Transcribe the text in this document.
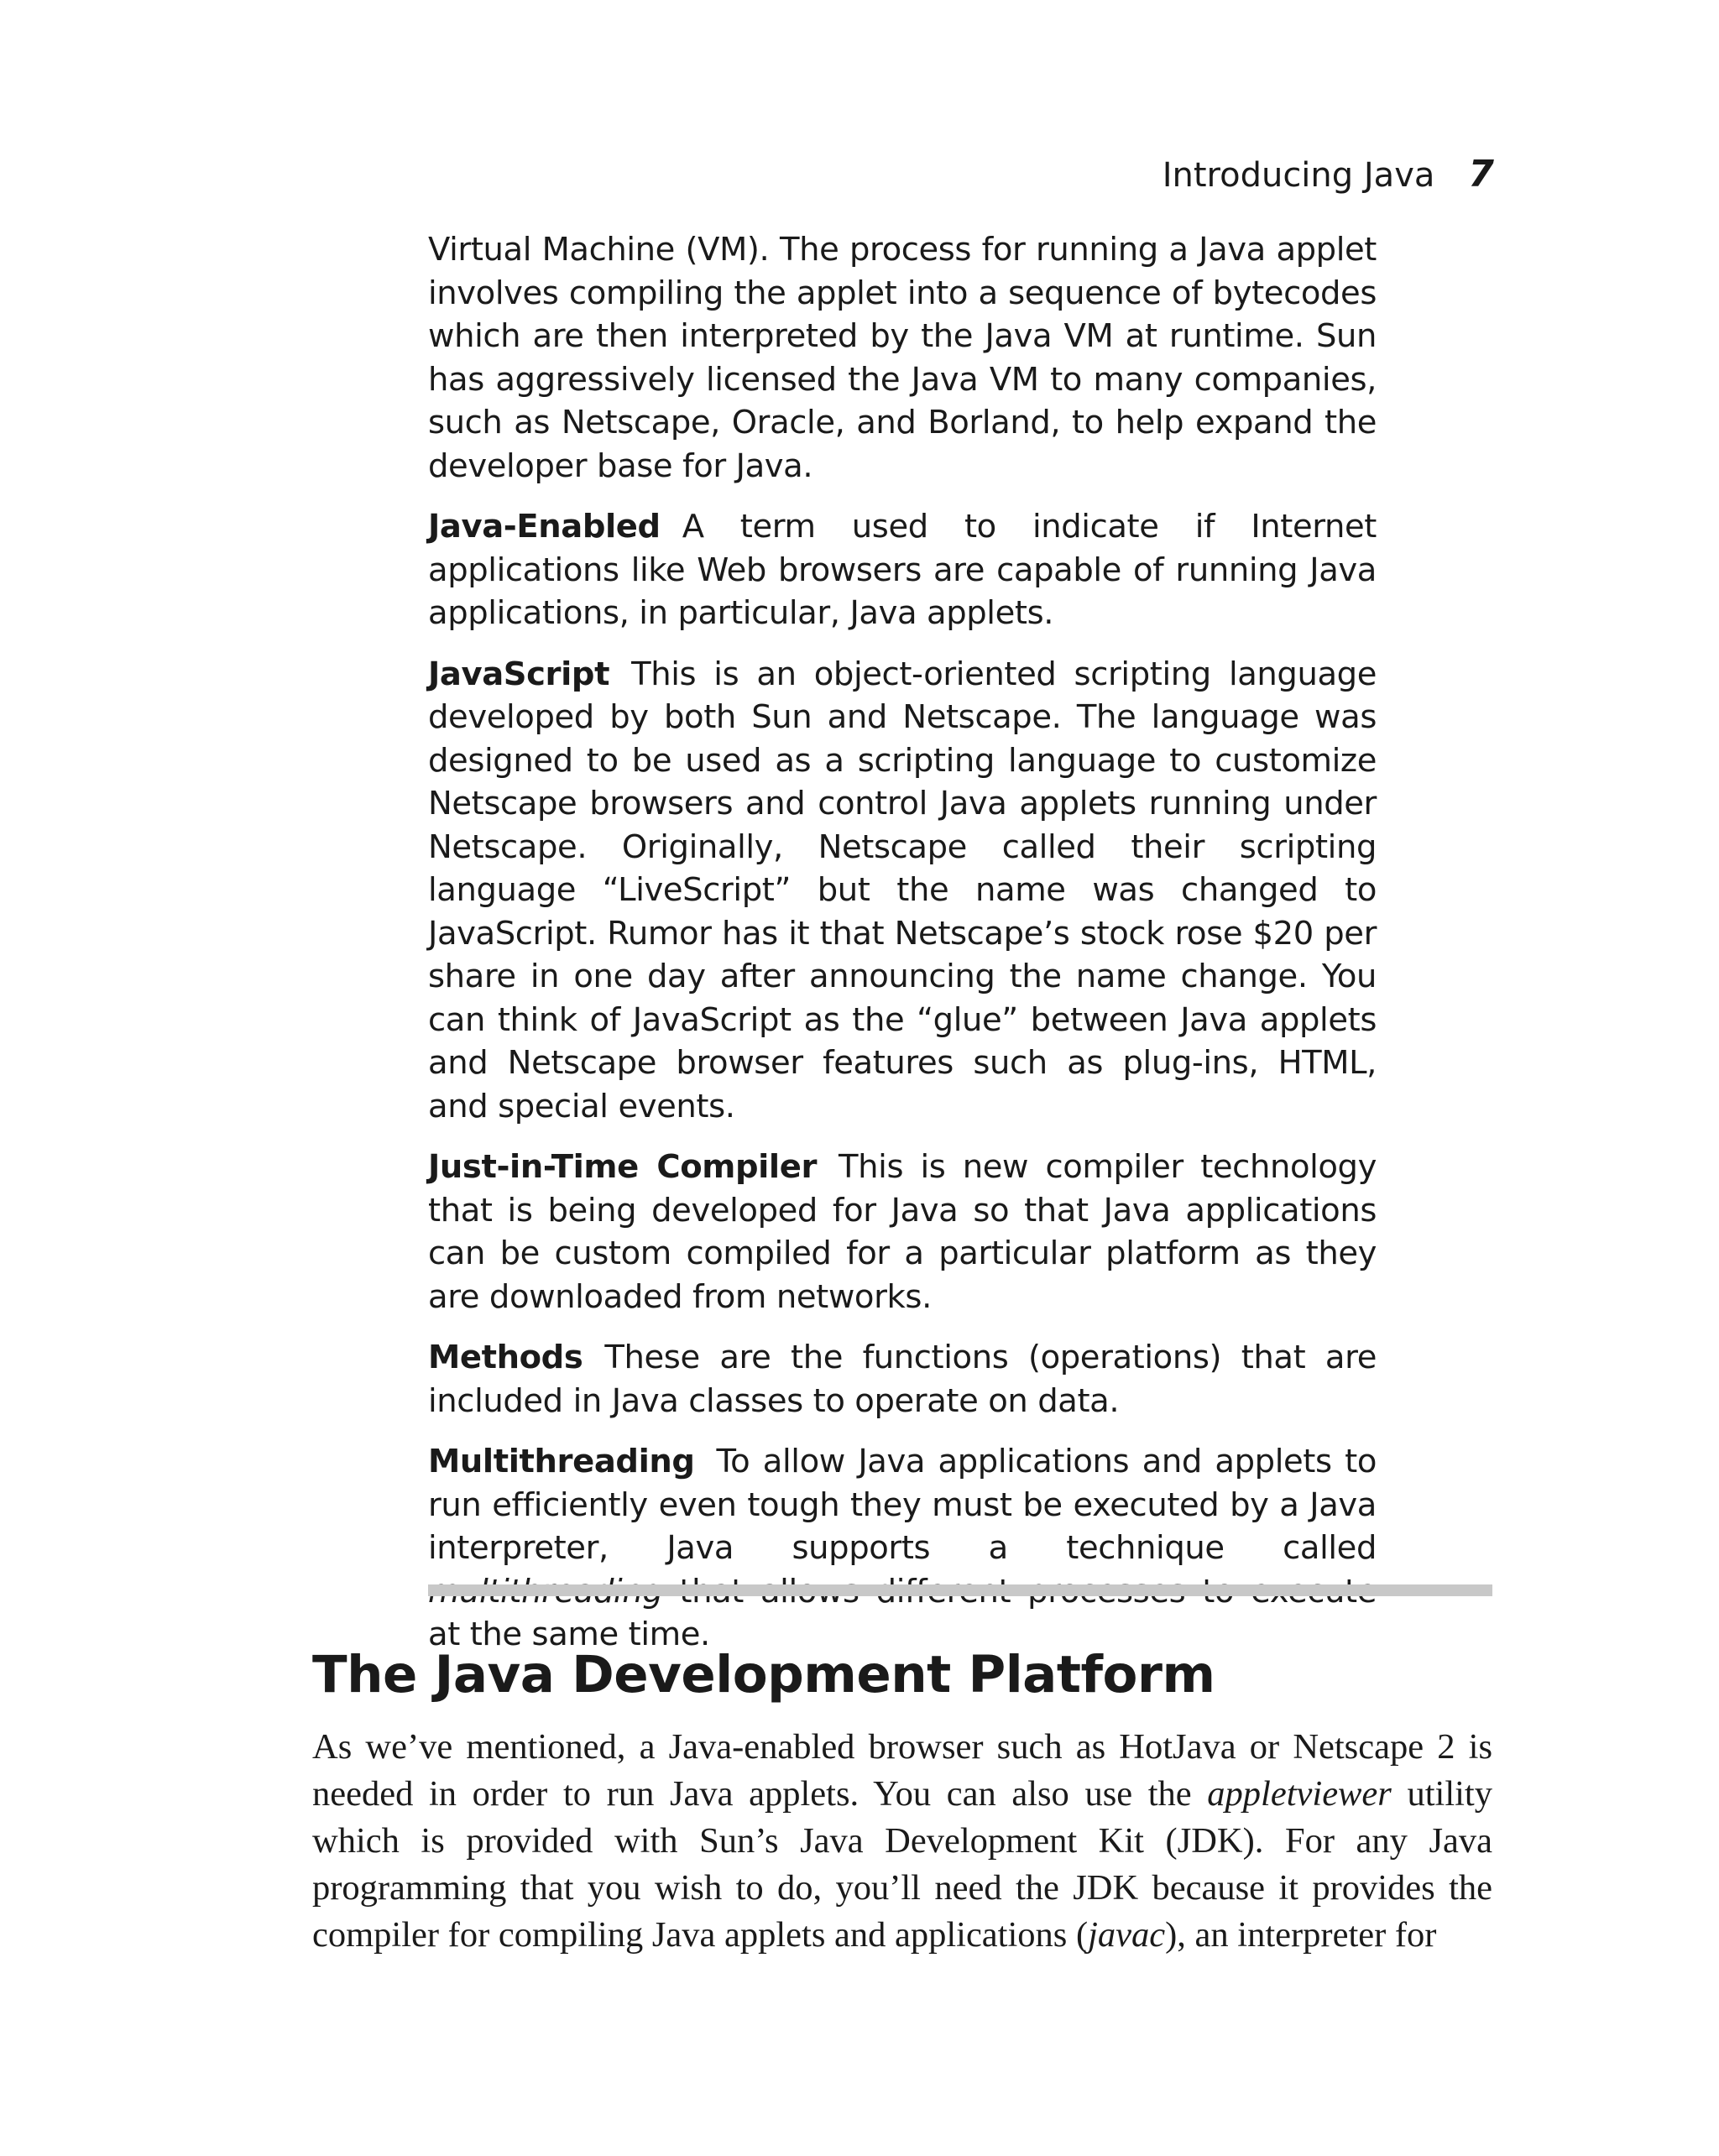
Introducing Java 7

Virtual Machine (VM). The process for running a Java applet involves compiling the applet into a sequence of bytecodes which are then interpreted by the Java VM at runtime. Sun has aggressively licensed the Java VM to many companies, such as Netscape, Oracle, and Borland, to help expand the developer base for Java.

Java-Enabled A term used to indicate if Internet applications like Web browsers are capable of running Java applications, in particular, Java applets.

JavaScript This is an object-oriented scripting language developed by both Sun and Netscape. The language was designed to be used as a scripting language to customize Netscape browsers and control Java applets running under Netscape. Originally, Netscape called their scripting language “LiveScript” but the name was changed to JavaScript. Rumor has it that Netscape’s stock rose $20 per share in one day after announcing the name change. You can think of JavaScript as the “glue” between Java applets and Netscape browser features such as plug-ins, HTML, and special events.

Just-in-Time Compiler This is new compiler technology that is being developed for Java so that Java applications can be custom compiled for a particular platform as they are downloaded from networks.

Methods These are the functions (operations) that are included in Java classes to operate on data.

Multithreading To allow Java applications and applets to run efficiently even tough they must be executed by a Java interpreter, Java supports a technique called at the same time.

The Java Development Platform

As we’ve mentioned, a Java-enabled browser such as HotJava or Netscape 2 is needed in order to run Java applets. You can also use the appletviewer utility which is provided with Sun’s Java Development Kit (JDK). For any Java programming that you wish to do, you’ll need the JDK because it provides the compiler for compiling Java applets and applications (javac), an interpreter for
